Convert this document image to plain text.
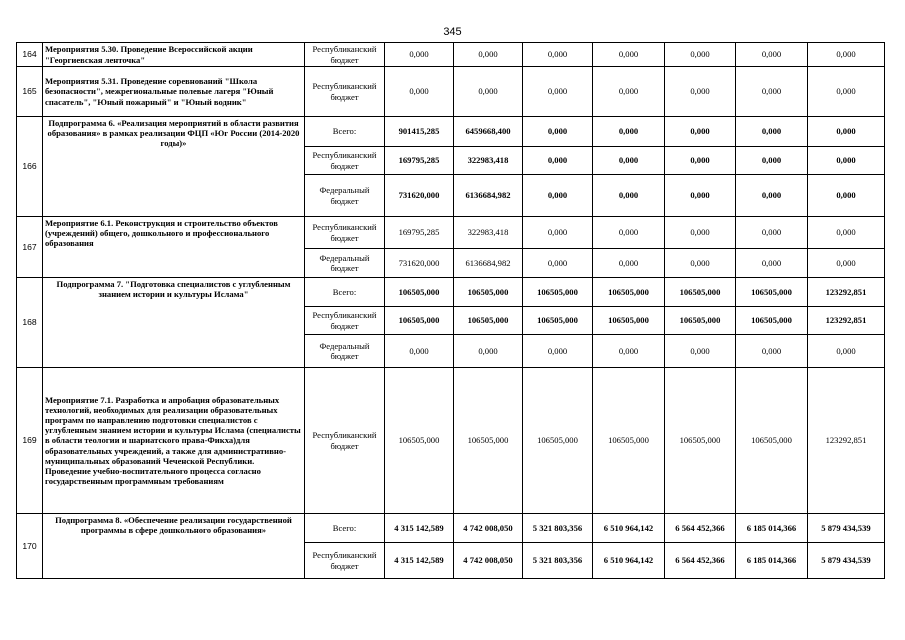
345
164	Мероприятия 5.30. Проведение Всероссийской акции "Георгиевская ленточка"	Республиканский бюджет	0,000	0,000	0,000	0,000	0,000	0,000	0,000
165	Мероприятия 5.31. Проведение соревнований "Школа безопасности", межрегиональные полевые лагеря "Юный спасатель", "Юный пожарный" и "Юный водник"	Республиканский бюджет	0,000	0,000	0,000	0,000	0,000	0,000	0,000
166	Подпрограмма 6. «Реализация мероприятий в области развития образования» в рамках реализации ФЦП «Юг России (2014-2020 годы)»	Всего:	901415,285	6459668,400	0,000	0,000	0,000	0,000	0,000
		Республиканский бюджет	169795,285	322983,418	0,000	0,000	0,000	0,000	0,000
		Федеральный бюджет	731620,000	6136684,982	0,000	0,000	0,000	0,000	0,000
167	Мероприятие 6.1. Реконструкция и строительство объектов (учреждений) общего, дошкольного и профессионального образования	Республиканский бюджет	169795,285	322983,418	0,000	0,000	0,000	0,000	0,000
		Федеральный бюджет	731620,000	6136684,982	0,000	0,000	0,000	0,000	0,000
168	Подпрограмма 7. "Подготовка специалистов с углубленным знанием истории и культуры Ислама"	Всего:	106505,000	106505,000	106505,000	106505,000	106505,000	106505,000	123292,851
		Республиканский бюджет	106505,000	106505,000	106505,000	106505,000	106505,000	106505,000	123292,851
		Федеральный бюджет	0,000	0,000	0,000	0,000	0,000	0,000	0,000
169	Мероприятие 7.1. Разработка и апробация образовательных технологий, необходимых для реализации образовательных программ по направлению подготовки специалистов с углубленным знанием истории и культуры Ислама (специалисты в области теологии и шариатского права-Фикха)для образовательных учреждений, а также для административно-муниципальных образований Чеченской Республики. Проведение учебно-воспитательного процесса согласно государственным программным требованиям	Республиканский бюджет	106505,000	106505,000	106505,000	106505,000	106505,000	106505,000	123292,851
170	Подпрограмма 8. «Обеспечение реализации государственной программы в сфере дошкольного образования»	Всего:	4 315 142,589	4 742 008,050	5 321 803,356	6 510 964,142	6 564 452,366	6 185 014,366	5 879 434,539
		Республиканский бюджет	4 315 142,589	4 742 008,050	5 321 803,356	6 510 964,142	6 564 452,366	6 185 014,366	5 879 434,539
